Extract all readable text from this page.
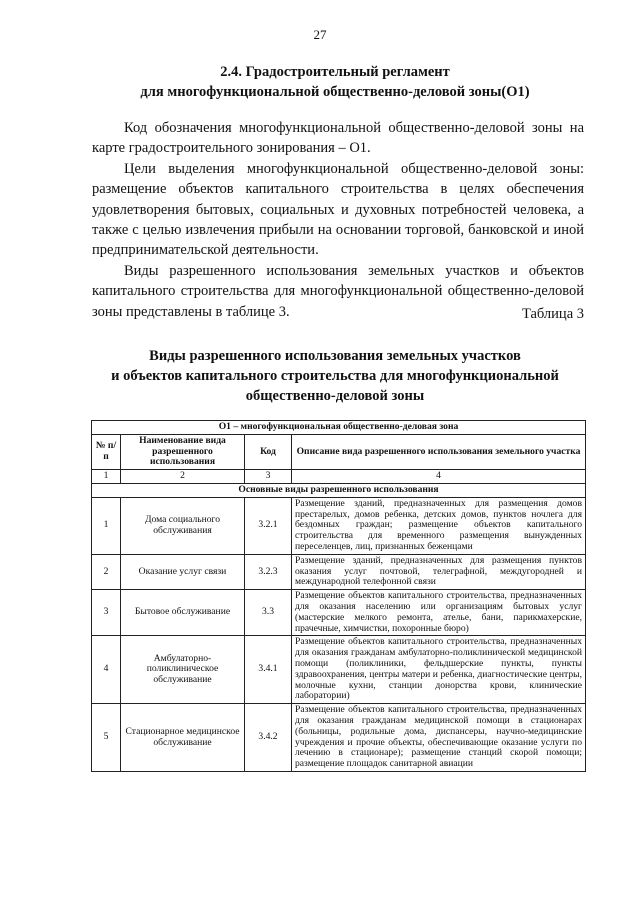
27
2.4. Градостроительный регламент
для многофункциональной общественно-деловой зоны(О1)

Код обозначения многофункциональной общественно-деловой зоны на карте градостроительного зонирования – О1.

Цели выделения многофункциональной общественно-деловой зоны: размещение объектов капитального строительства в целях обеспечения удовлетворения бытовых, социальных и духовных потребностей человека, а также с целью извлечения прибыли на основании торговой, банковской и иной предпринимательской деятельности.

Виды разрешенного использования земельных участков и объектов капитального строительства для многофункциональной общественно-деловой зоны представлены в таблице 3.	Таблица 3
Виды разрешенного использования земельных участков
и объектов капитального строительства для многофункциональной
общественно-деловой зоны
О1 – многофункциональная общественно-деловая зона			
№ п/п	Наименование вида разрешенного использования	Код	Описание вида разрешенного использования земельного участка
1	2	3	4
Основные виды разрешенного использования			
1	Дома социального обслуживания	3.2.1	Размещение зданий, предназначенных для размещения домов престарелых, домов ребенка, детских домов, пунктов ночлега для бездомных граждан; размещение объектов капитального строительства для временного размещения вынужденных переселенцев, лиц, признанных беженцами
2	Оказание услуг связи	3.2.3	Размещение зданий, предназначенных для размещения пунктов оказания услуг почтовой, телеграфной, междугородней и международной телефонной связи
3	Бытовое обслуживание	3.3	Размещение объектов капитального строительства, предназначенных для оказания населению или организациям бытовых услуг (мастерские мелкого ремонта, ателье, бани, парикмахерские, прачечные, химчистки, похоронные бюро)
4	Амбулаторно-поликлиническое обслуживание	3.4.1	Размещение объектов капитального строительства, предназначенных для оказания гражданам амбулаторно-поликлинической медицинской помощи (поликлиники, фельдшерские пункты, пункты здравоохранения, центры матери и ребенка, диагностические центры, молочные кухни, станции донорства крови, клинические лаборатории)
5	Стационарное медицинское обслуживание	3.4.2	Размещение объектов капитального строительства, предназначенных для оказания гражданам медицинской помощи в стационарах (больницы, родильные дома, диспансеры, научно-медицинские учреждения и прочие объекты, обеспечивающие оказание услуги по лечению в стационаре); размещение станций скорой помощи; размещение площадок санитарной авиации
